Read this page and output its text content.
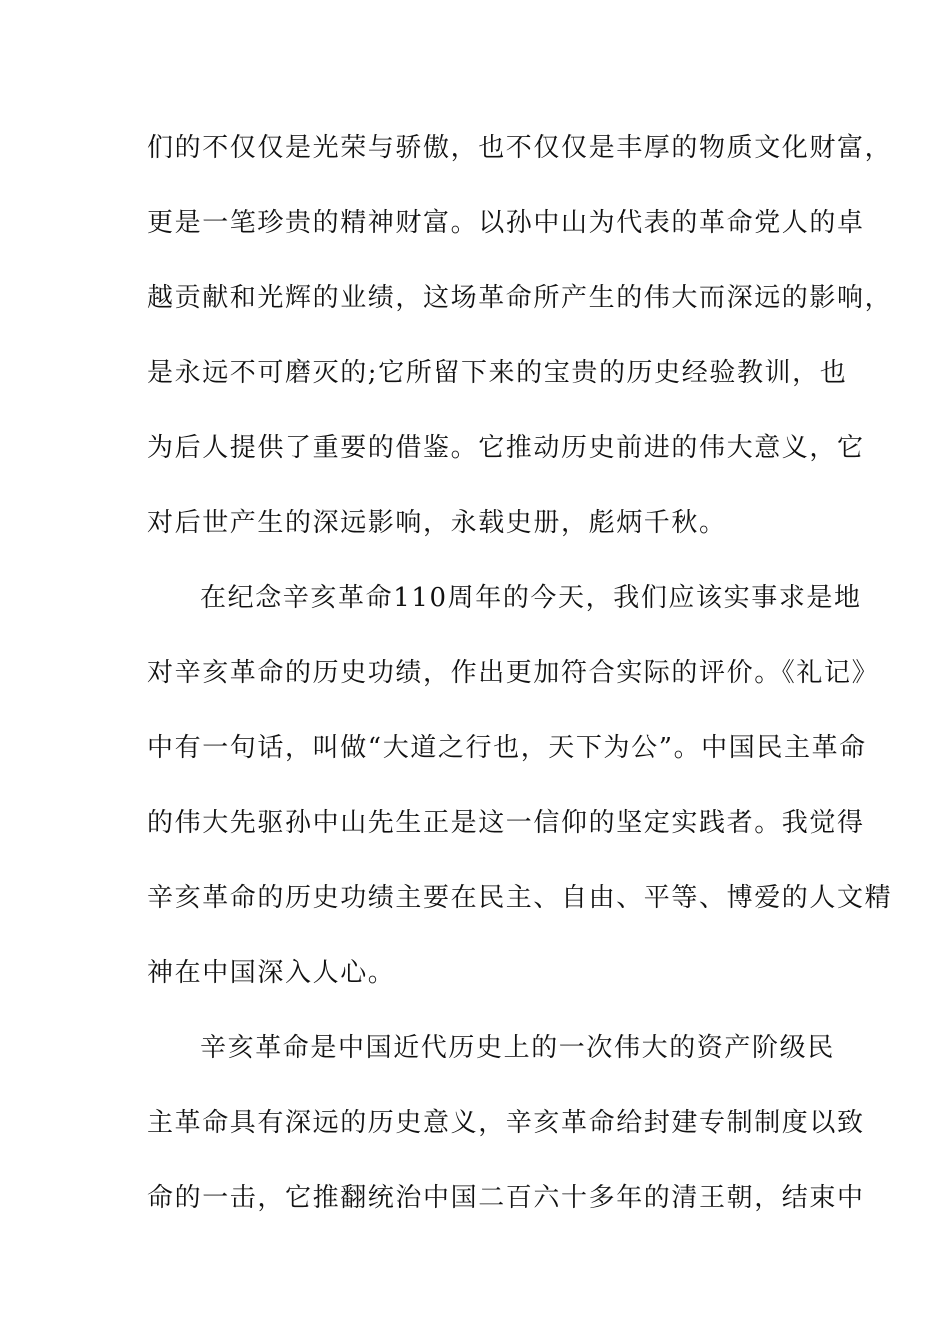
们的不仅仅是光荣与骄傲，也不仅仅是丰厚的物质文化财富，
更是一笔珍贵的精神财富。以孙中山为代表的革命党人的卓
越贡献和光辉的业绩，这场革命所产生的伟大而深远的影响，
是永远不可磨灭的;它所留下来的宝贵的历史经验教训，也
为后人提供了重要的借鉴。它推动历史前进的伟大意义，它
对后世产生的深远影响，永载史册，彪炳千秋。
在纪念辛亥革命110周年的今天，我们应该实事求是地
对辛亥革命的历史功绩，作出更加符合实际的评价。《礼记》
中有一句话，叫做“大道之行也，天下为公”。中国民主革命
的伟大先驱孙中山先生正是这一信仰的坚定实践者。我觉得
辛亥革命的历史功绩主要在民主、自由、平等、博爱的人文精
神在中国深入人心。
辛亥革命是中国近代历史上的一次伟大的资产阶级民
主革命具有深远的历史意义，辛亥革命给封建专制制度以致
命的一击，它推翻统治中国二百六十多年的清王朝，结束中
